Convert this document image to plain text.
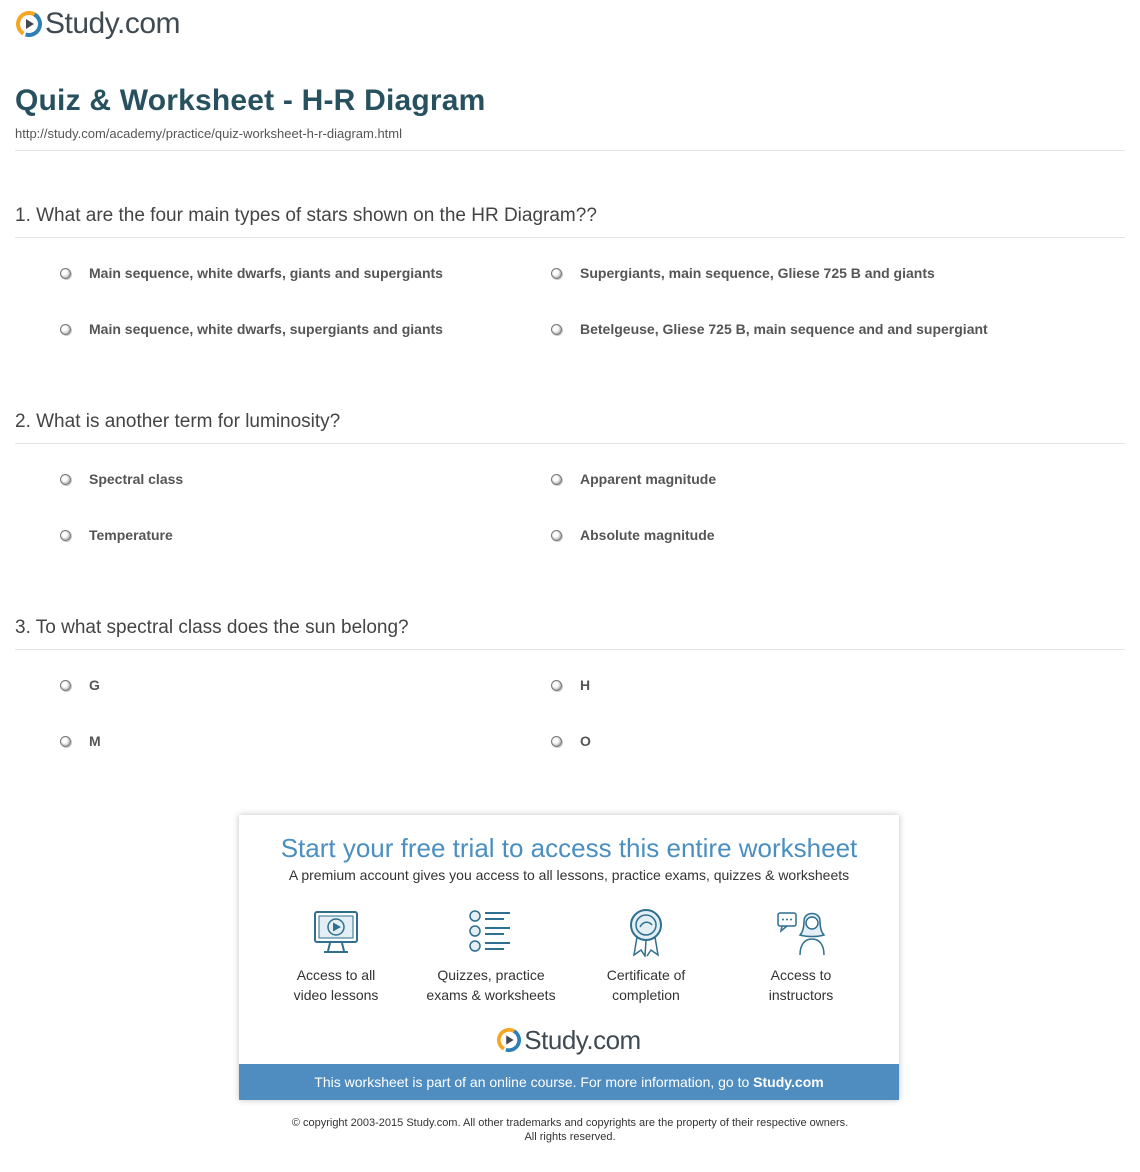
Study.com
Quiz & Worksheet - H-R Diagram
http://study.com/academy/practice/quiz-worksheet-h-r-diagram.html
1. What are the four main types of stars shown on the HR Diagram??
Main sequence, white dwarfs, giants and supergiants	Supergiants, main sequence, Gliese 725 B and giants
Main sequence, white dwarfs, supergiants and giants	Betelgeuse, Gliese 725 B, main sequence and and supergiant
2. What is another term for luminosity?
Spectral class	Apparent magnitude
Temperature	Absolute magnitude
3. To what spectral class does the sun belong?
G	H
M	O
Start your free trial to access this entire worksheet
A premium account gives you access to all lessons, practice exams, quizzes & worksheets
Access to all
video lessons
Quizzes, practice
exams & worksheets
Certificate of
completion
Access to
instructors
Study.com
This worksheet is part of an online course. For more information, go to Study.com
© copyright 2003-2015 Study.com. All other trademarks and copyrights are the property of their respective owners.
All rights reserved.
